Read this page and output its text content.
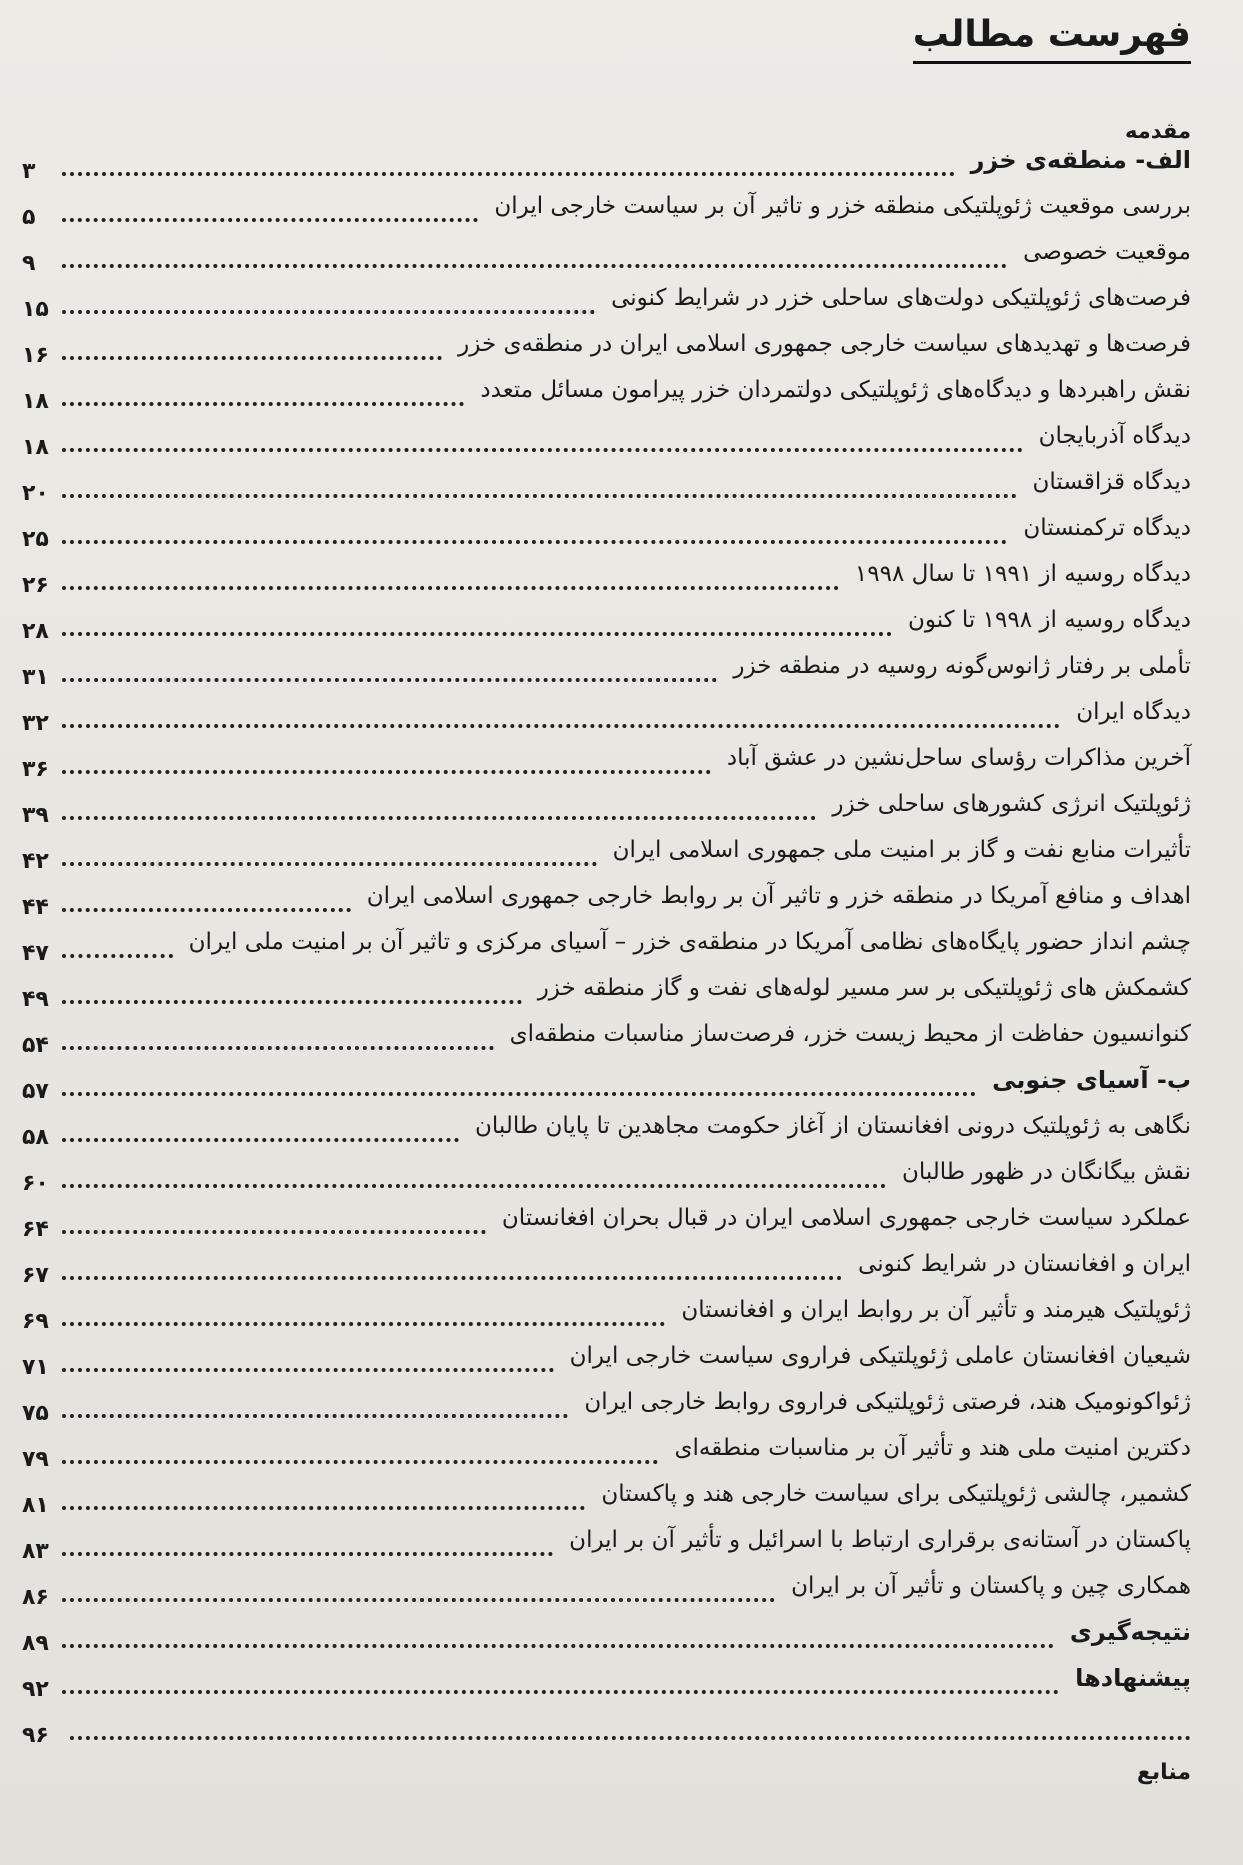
فهرست مطالب
مقدمه
الف- منطقه‌ی خزر
۳
بررسی موقعیت ژئوپلتیکی منطقه خزر و تاثیر آن بر سیاست خارجی ایران
۵
موقعیت خصوصی
۹
فرصت‌های ژئوپلتیکی دولت‌های ساحلی خزر در شرایط کنونی
۱۵
فرصت‌ها و تهدیدهای سیاست خارجی جمهوری اسلامی ایران در منطقه‌ی خزر
۱۶
نقش راهبردها و دیدگاه‌های ژئوپلتیکی دولتمردان خزر پیرامون مسائل متعدد
۱۸
دیدگاه آذربایجان
۱۸
دیدگاه قزاقستان
۲۰
دیدگاه ترکمنستان
۲۵
دیدگاه روسیه از ۱۹۹۱ تا سال ۱۹۹۸
۲۶
دیدگاه روسیه از ۱۹۹۸ تا کنون
۲۸
تأملی بر رفتار ژانوس‌گونه روسیه در منطقه خزر
۳۱
دیدگاه ایران
۳۲
آخرین مذاکرات رؤسای ساحل‌نشین در عشق آباد
۳۶
ژئوپلتیک انرژی کشورهای ساحلی خزر
۳۹
تأثیرات منابع نفت و گاز بر امنیت ملی جمهوری اسلامی ایران
۴۲
اهداف و منافع آمریکا در منطقه خزر و تاثیر آن بر روابط خارجی جمهوری اسلامی ایران
۴۴
چشم انداز حضور پایگاه‌های نظامی آمریکا در منطقه‌ی خزر – آسیای مرکزی و تاثیر آن بر امنیت ملی ایران
۴۷
کشمکش های ژئوپلتیکی بر سر مسیر لوله‌های نفت و گاز منطقه خزر
۴۹
کنوانسیون حفاظت از محیط زیست خزر، فرصت‌ساز مناسبات منطقه‌ای
۵۴
ب- آسیای جنوبی
۵۷
نگاهی به ژئوپلتیک درونی افغانستان از آغاز حکومت مجاهدین تا پایان طالبان
۵۸
نقش بیگانگان در ظهور طالبان
۶۰
عملکرد سیاست خارجی جمهوری اسلامی ایران در قبال بحران افغانستان
۶۴
ایران و افغانستان در شرایط کنونی
۶۷
ژئوپلتیک هیرمند و تأثیر آن بر روابط ایران و افغانستان
۶۹
شیعیان افغانستان عاملی ژئوپلتیکی فراروی سیاست خارجی ایران
۷۱
ژئواکونومیک هند، فرصتی ژئوپلتیکی فراروی روابط خارجی ایران
۷۵
دکترین امنیت ملی هند و تأثیر آن بر مناسبات منطقه‌ای
۷۹
کشمیر، چالشی ژئوپلتیکی برای سیاست خارجی هند و پاکستان
۸۱
پاکستان در آستانه‌ی برقراری ارتباط با اسرائیل و تأثیر آن بر ایران
۸۳
همکاری چین و پاکستان و تأثیر آن بر ایران
۸۶
نتیجه‌گیری
۸۹
پیشنهادها
۹۲
۹۶
منابع
